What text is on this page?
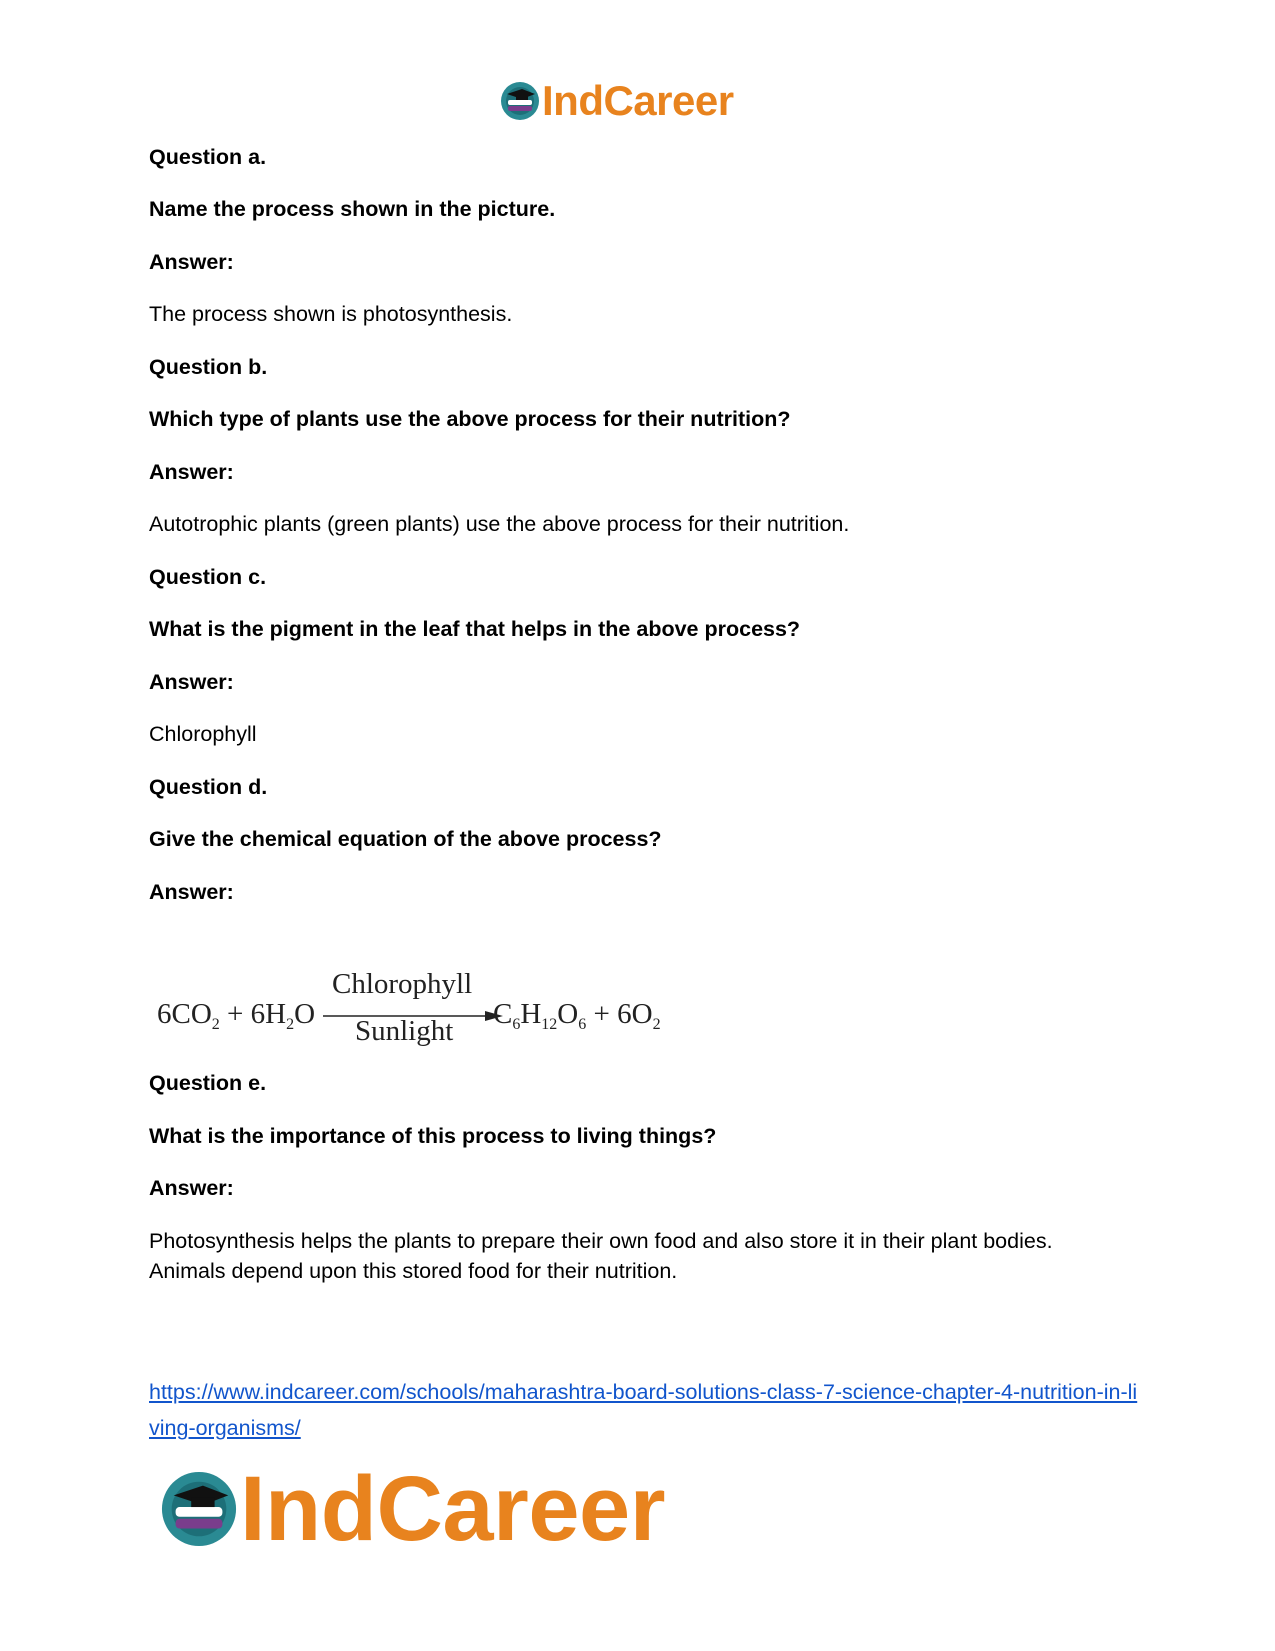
IndCareer
Question a.
Name the process shown in the picture.
Answer:
The process shown is photosynthesis.
Question b.
Which type of plants use the above process for their nutrition?
Answer:
Autotrophic plants (green plants) use the above process for their nutrition.
Question c.
What is the pigment in the leaf that helps in the above process?
Answer:
Chlorophyll
Question d.
Give the chemical equation of the above process?
Answer:
$6CO_2 + 6H_2O$
Chlorophyll
Sunlight
$C_6H_{12}O_6 + 6O_2$
Question e.
What is the importance of this process to living things?
Answer:
Photosynthesis helps the plants to prepare their own food and also store it in their plant bodies. Animals depend upon this stored food for their nutrition.
https://www.indcareer.com/schools/maharashtra-board-solutions-class-7-science-chapter-4-nutrition-in-living-organisms/
IndCareer
